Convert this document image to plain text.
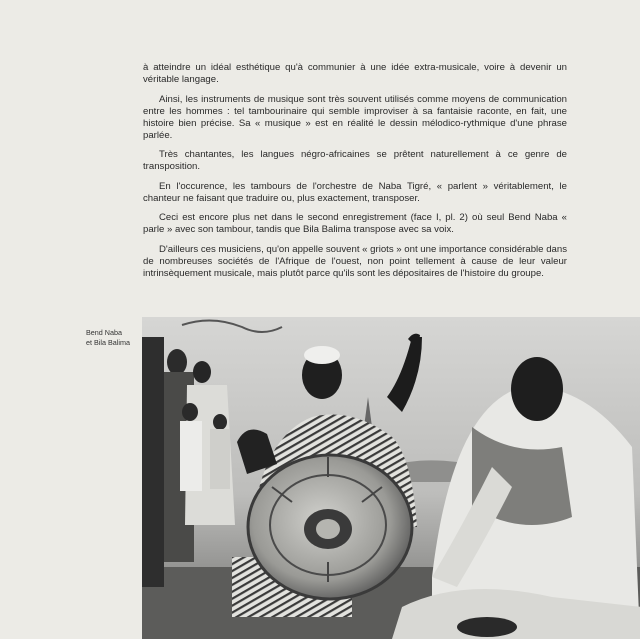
à atteindre un idéal esthétique qu'à communier à une idée extra-musicale, voire à devenir un véritable langage.

Ainsi, les instruments de musique sont très souvent utilisés comme moyens de communication entre les hommes : tel tambourinaire qui semble improviser à sa fantaisie raconte, en fait, une histoire bien précise. Sa « musique » est en réalité le dessin mélodico-rythmique d'une phrase parlée.

Très chantantes, les langues négro-africaines se prêtent naturellement à ce genre de transposition.

En l'occurence, les tambours de l'orchestre de Naba Tigré, « parlent » véritablement, le chanteur ne faisant que traduire ou, plus exactement, transposer.

Ceci est encore plus net dans le second enregistrement (face I, pl. 2) où seul Bend Naba « parle » avec son tambour, tandis que Bila Balima transpose avec sa voix.

D'ailleurs ces musiciens, qu'on appelle souvent « griots » ont une importance considérable dans de nombreuses sociétés de l'Afrique de l'ouest, non point tellement à cause de leur valeur intrinsèquement musicale, mais plutôt parce qu'ils sont les dépositaires de l'histoire du groupe.

Bend Naba
et Bila Balima
